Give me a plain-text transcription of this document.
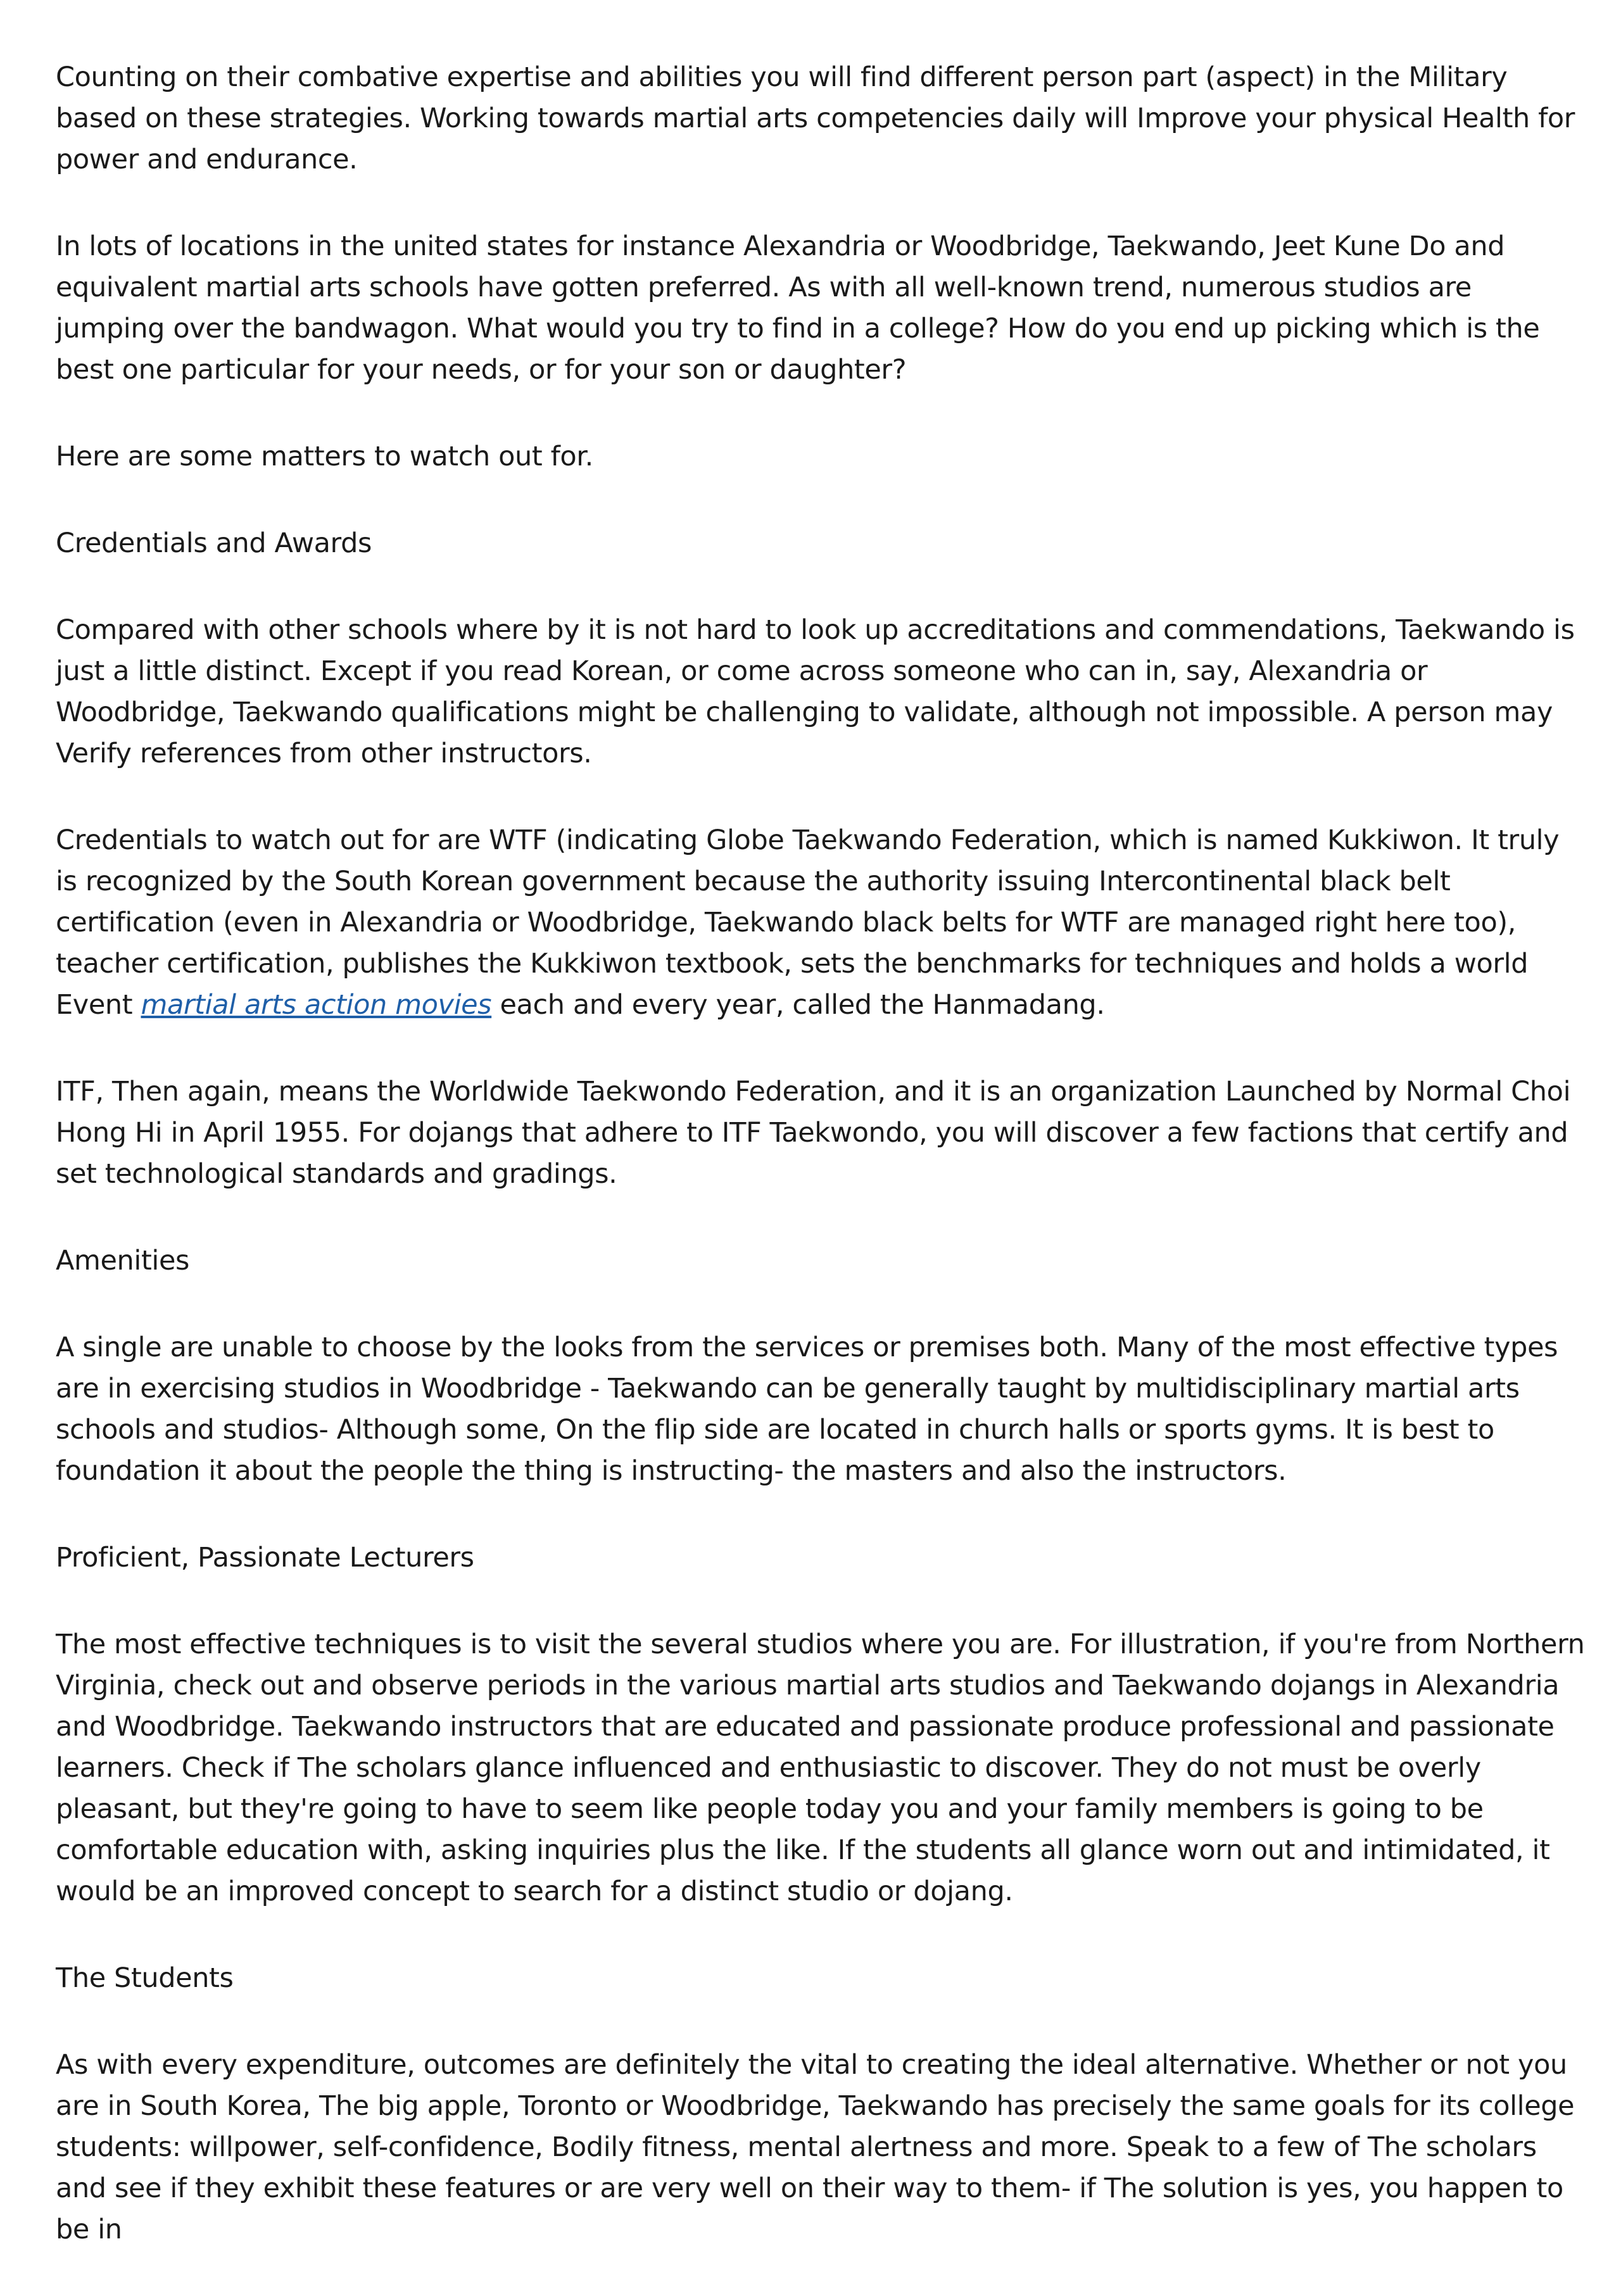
Counting on their combative expertise and abilities you will find different person part (aspect) in the Military based on these strategies. Working towards martial arts competencies daily will Improve your physical Health for power and endurance.

In lots of locations in the united states for instance Alexandria or Woodbridge, Taekwando, Jeet Kune Do and equivalent martial arts schools have gotten preferred. As with all well-known trend, numerous studios are jumping over the bandwagon. What would you try to find in a college? How do you end up picking which is the best one particular for your needs, or for your son or daughter?

Here are some matters to watch out for.

Credentials and Awards

Compared with other schools where by it is not hard to look up accreditations and commendations, Taekwando is just a little distinct. Except if you read Korean, or come across someone who can in, say, Alexandria or Woodbridge, Taekwando qualifications might be challenging to validate, although not impossible. A person may Verify references from other instructors.

Credentials to watch out for are WTF (indicating Globe Taekwando Federation, which is named Kukkiwon. It truly is recognized by the South Korean government because the authority issuing Intercontinental black belt certification (even in Alexandria or Woodbridge, Taekwando black belts for WTF are managed right here too), teacher certification, publishes the Kukkiwon textbook, sets the benchmarks for techniques and holds a world Event martial arts action movies each and every year, called the Hanmadang.

ITF, Then again, means the Worldwide Taekwondo Federation, and it is an organization Launched by Normal Choi Hong Hi in April 1955. For dojangs that adhere to ITF Taekwondo, you will discover a few factions that certify and set technological standards and gradings.

Amenities

A single are unable to choose by the looks from the services or premises both. Many of the most effective types are in exercising studios in Woodbridge - Taekwando can be generally taught by multidisciplinary martial arts schools and studios- Although some, On the flip side are located in church halls or sports gyms. It is best to foundation it about the people the thing is instructing- the masters and also the instructors.

Proficient, Passionate Lecturers

The most effective techniques is to visit the several studios where you are. For illustration, if you're from Northern Virginia, check out and observe periods in the various martial arts studios and Taekwando dojangs in Alexandria and Woodbridge. Taekwando instructors that are educated and passionate produce professional and passionate learners. Check if The scholars glance influenced and enthusiastic to discover. They do not must be overly pleasant, but they're going to have to seem like people today you and your family members is going to be comfortable education with, asking inquiries plus the like. If the students all glance worn out and intimidated, it would be an improved concept to search for a distinct studio or dojang.

The Students

As with every expenditure, outcomes are definitely the vital to creating the ideal alternative. Whether or not you are in South Korea, The big apple, Toronto or Woodbridge, Taekwando has precisely the same goals for its college students: willpower, self-confidence, Bodily fitness, mental alertness and more. Speak to a few of The scholars and see if they exhibit these features or are very well on their way to them- if The solution is yes, you happen to be in
